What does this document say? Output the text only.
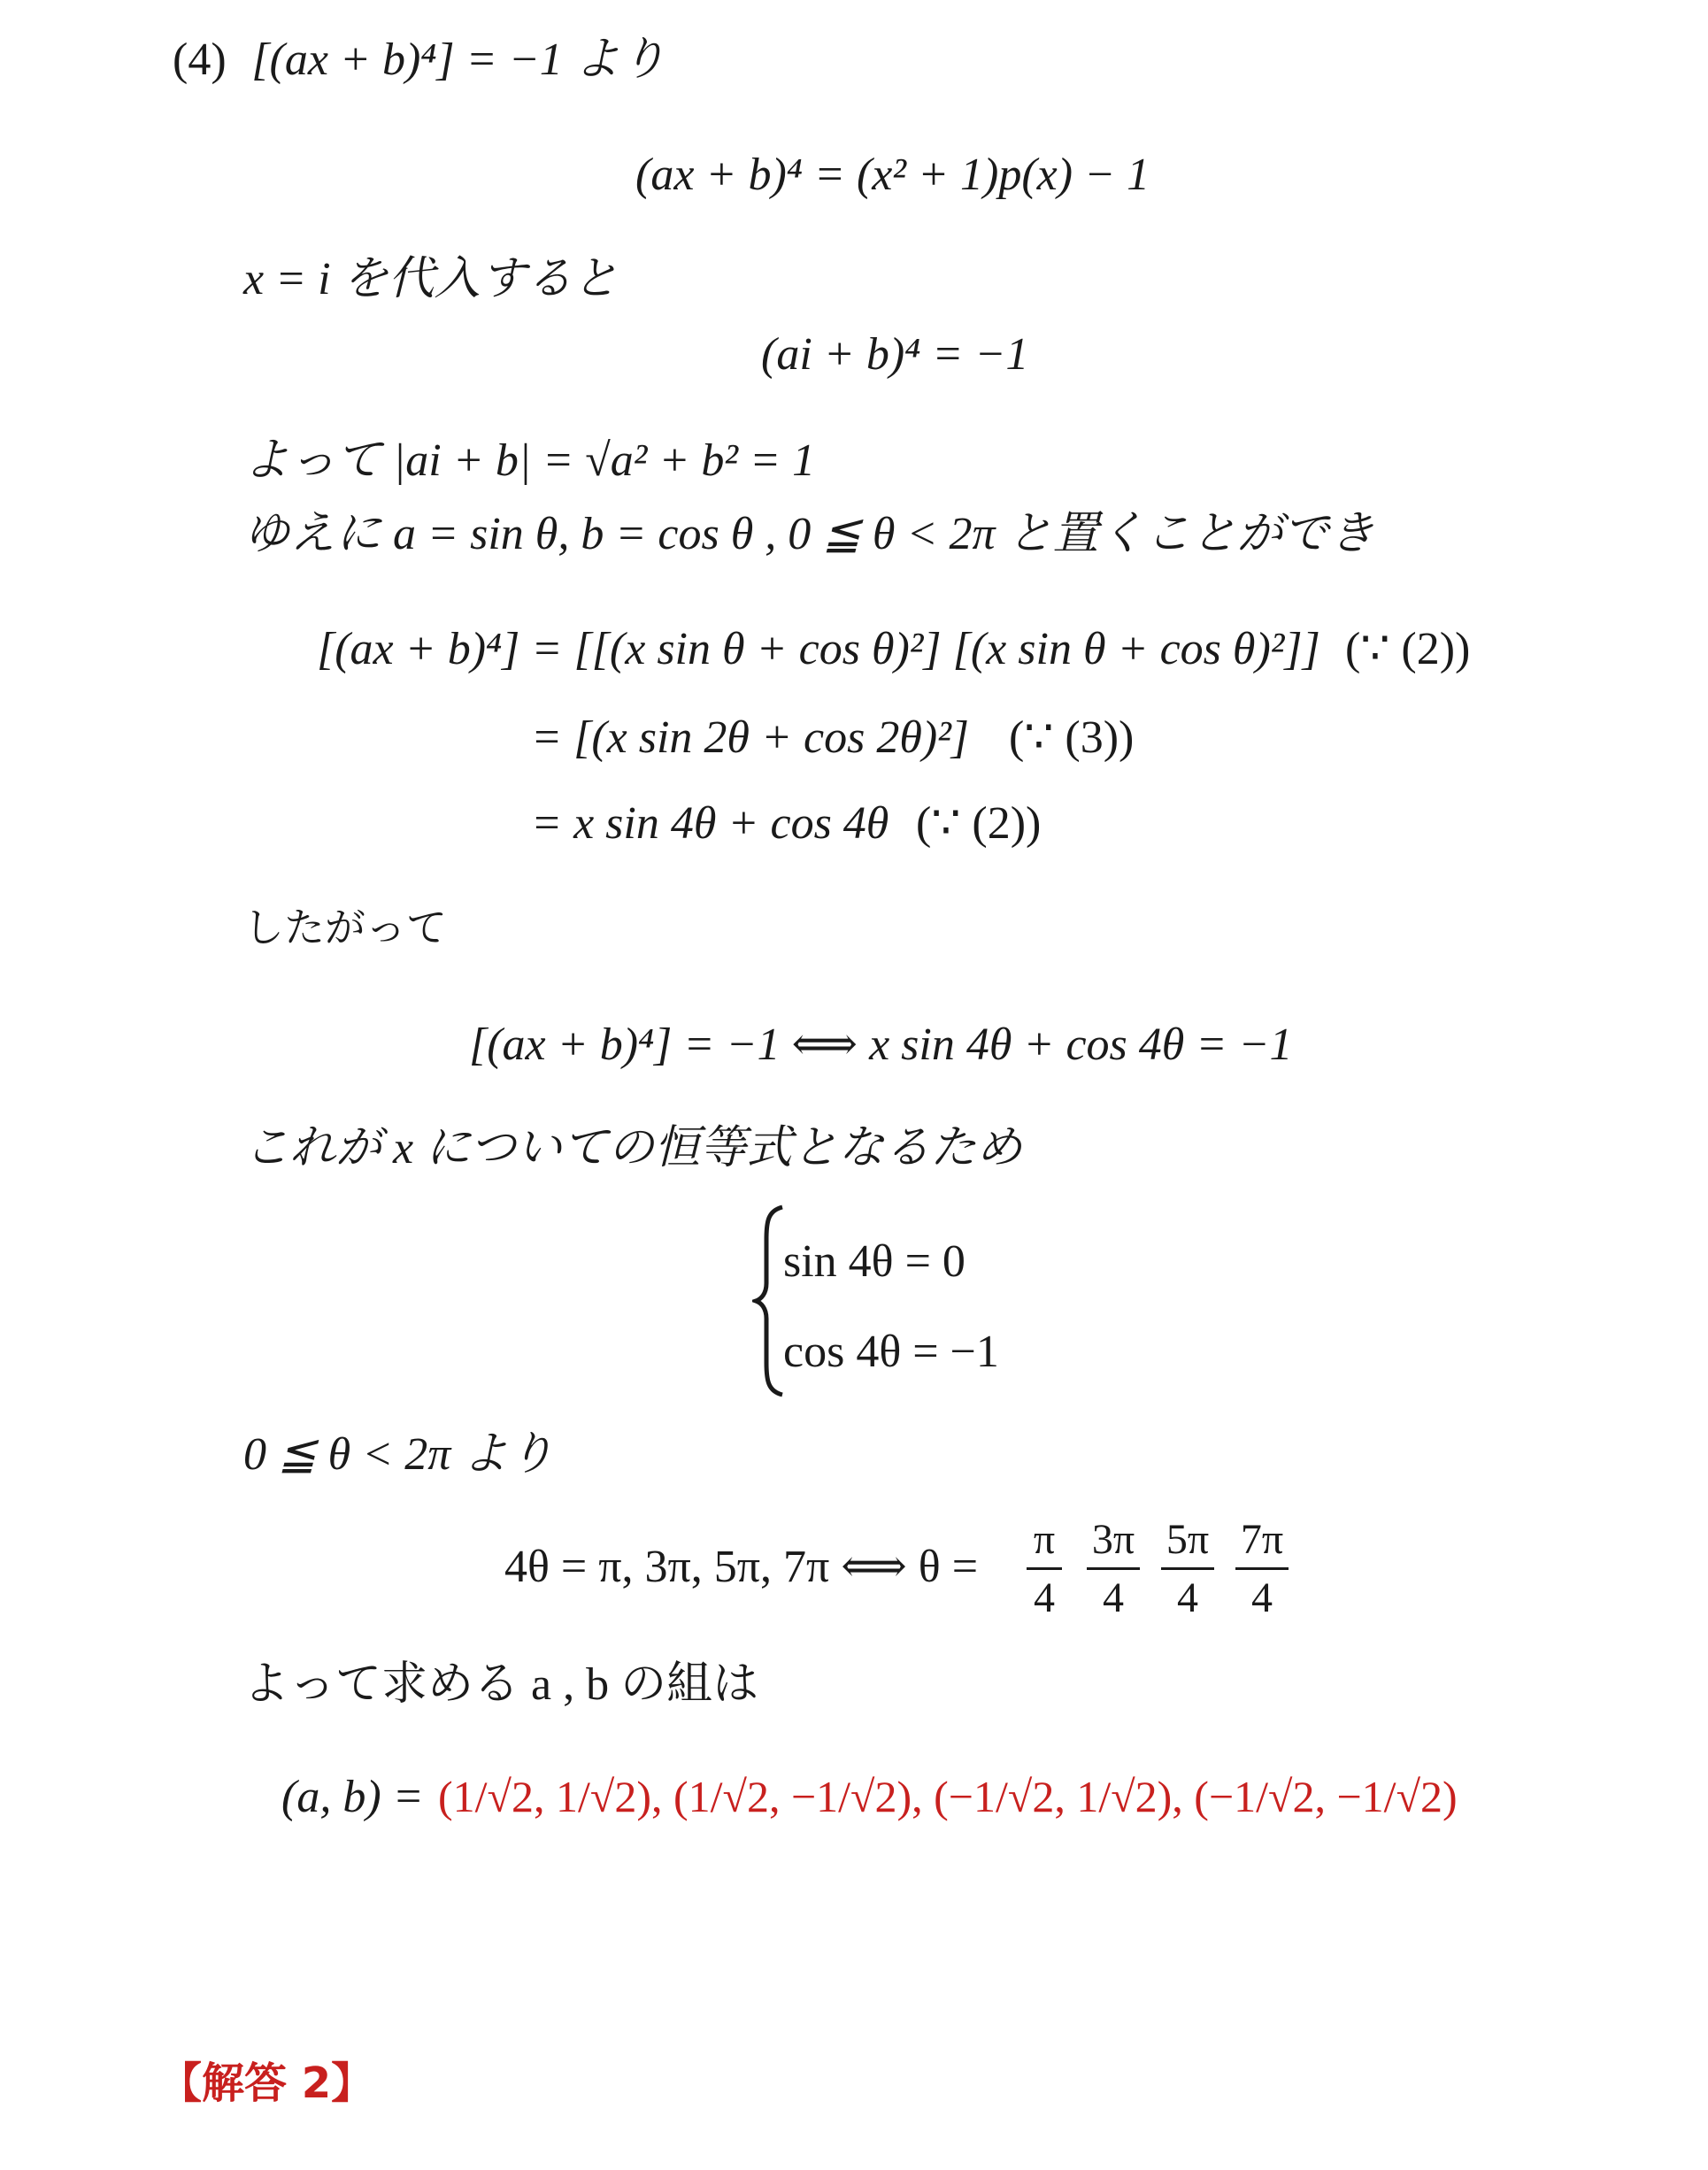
(4) [(ax + b)⁴] = −1 より
(ax + b)⁴ = (x² + 1)p(x) − 1
x = i を代入すると
(ai + b)⁴ = −1
よって |ai + b| = √a² + b² = 1
ゆえに a = sin θ, b = cos θ , 0 ≦ θ < 2π と置くことができ
[(ax + b)⁴] = [[(x sin θ + cos θ)²] [(x sin θ + cos θ)²]] (∵ (2))
= [(x sin 2θ + cos 2θ)²] (∵ (3))
= x sin 4θ + cos 4θ (∵ (2))
したがって
[(ax + b)⁴] = −1 ⟺ x sin 4θ + cos 4θ = −1
これが x についての恒等式となるため
sin 4θ = 0
cos 4θ = −1
0 ≦ θ < 2π より
4θ = π, 3π, 5π, 7π ⟺ θ =
π
4
3π
4
5π
4
7π
4
よって求める a , b の組は
(a, b) = (1/√2, 1/√2), (1/√2, −1/√2), (−1/√2, 1/√2), (−1/√2, −1/√2)
【解答 2】
